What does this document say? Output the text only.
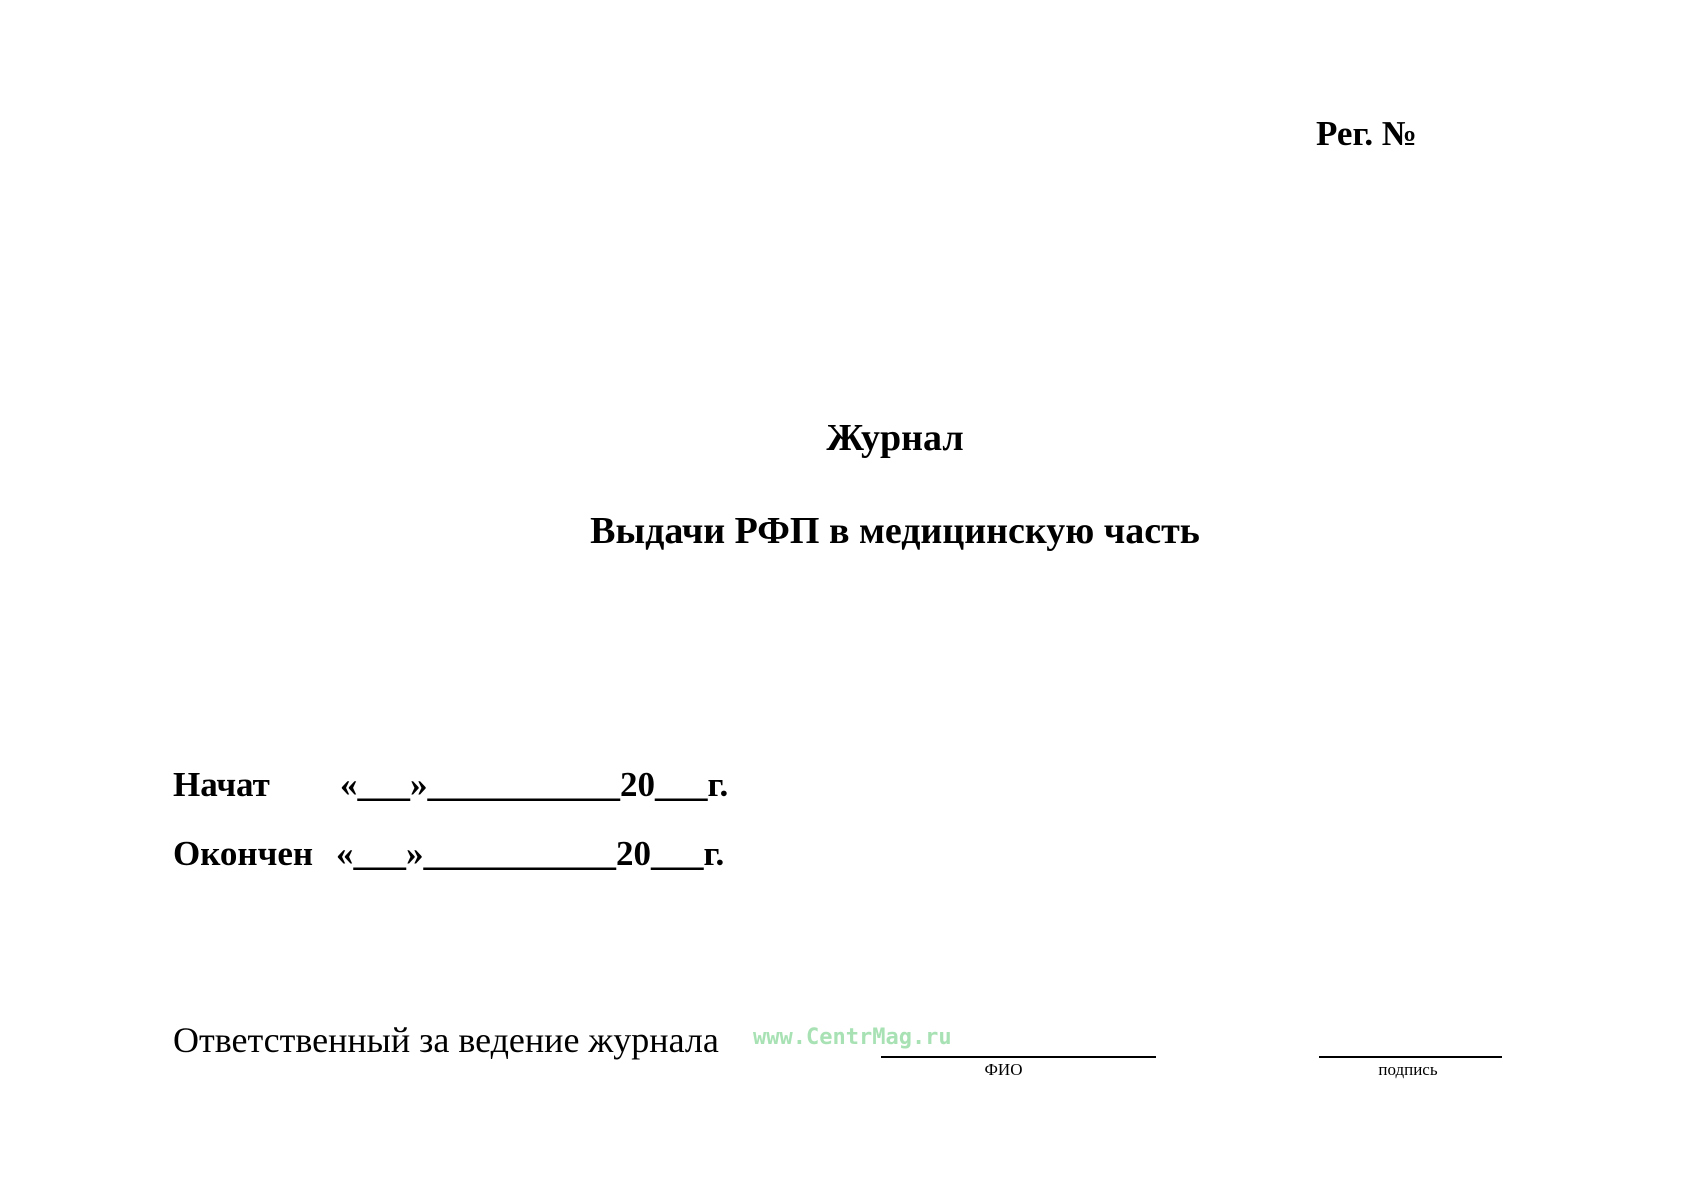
Рег. №
Журнал
Выдачи РФП в медицинскую часть
Начат «___»___________20___г.
Окончен «___»___________20___г.
Ответственный за ведение журнала www.CentrMag.ru
ФИО	подпись
